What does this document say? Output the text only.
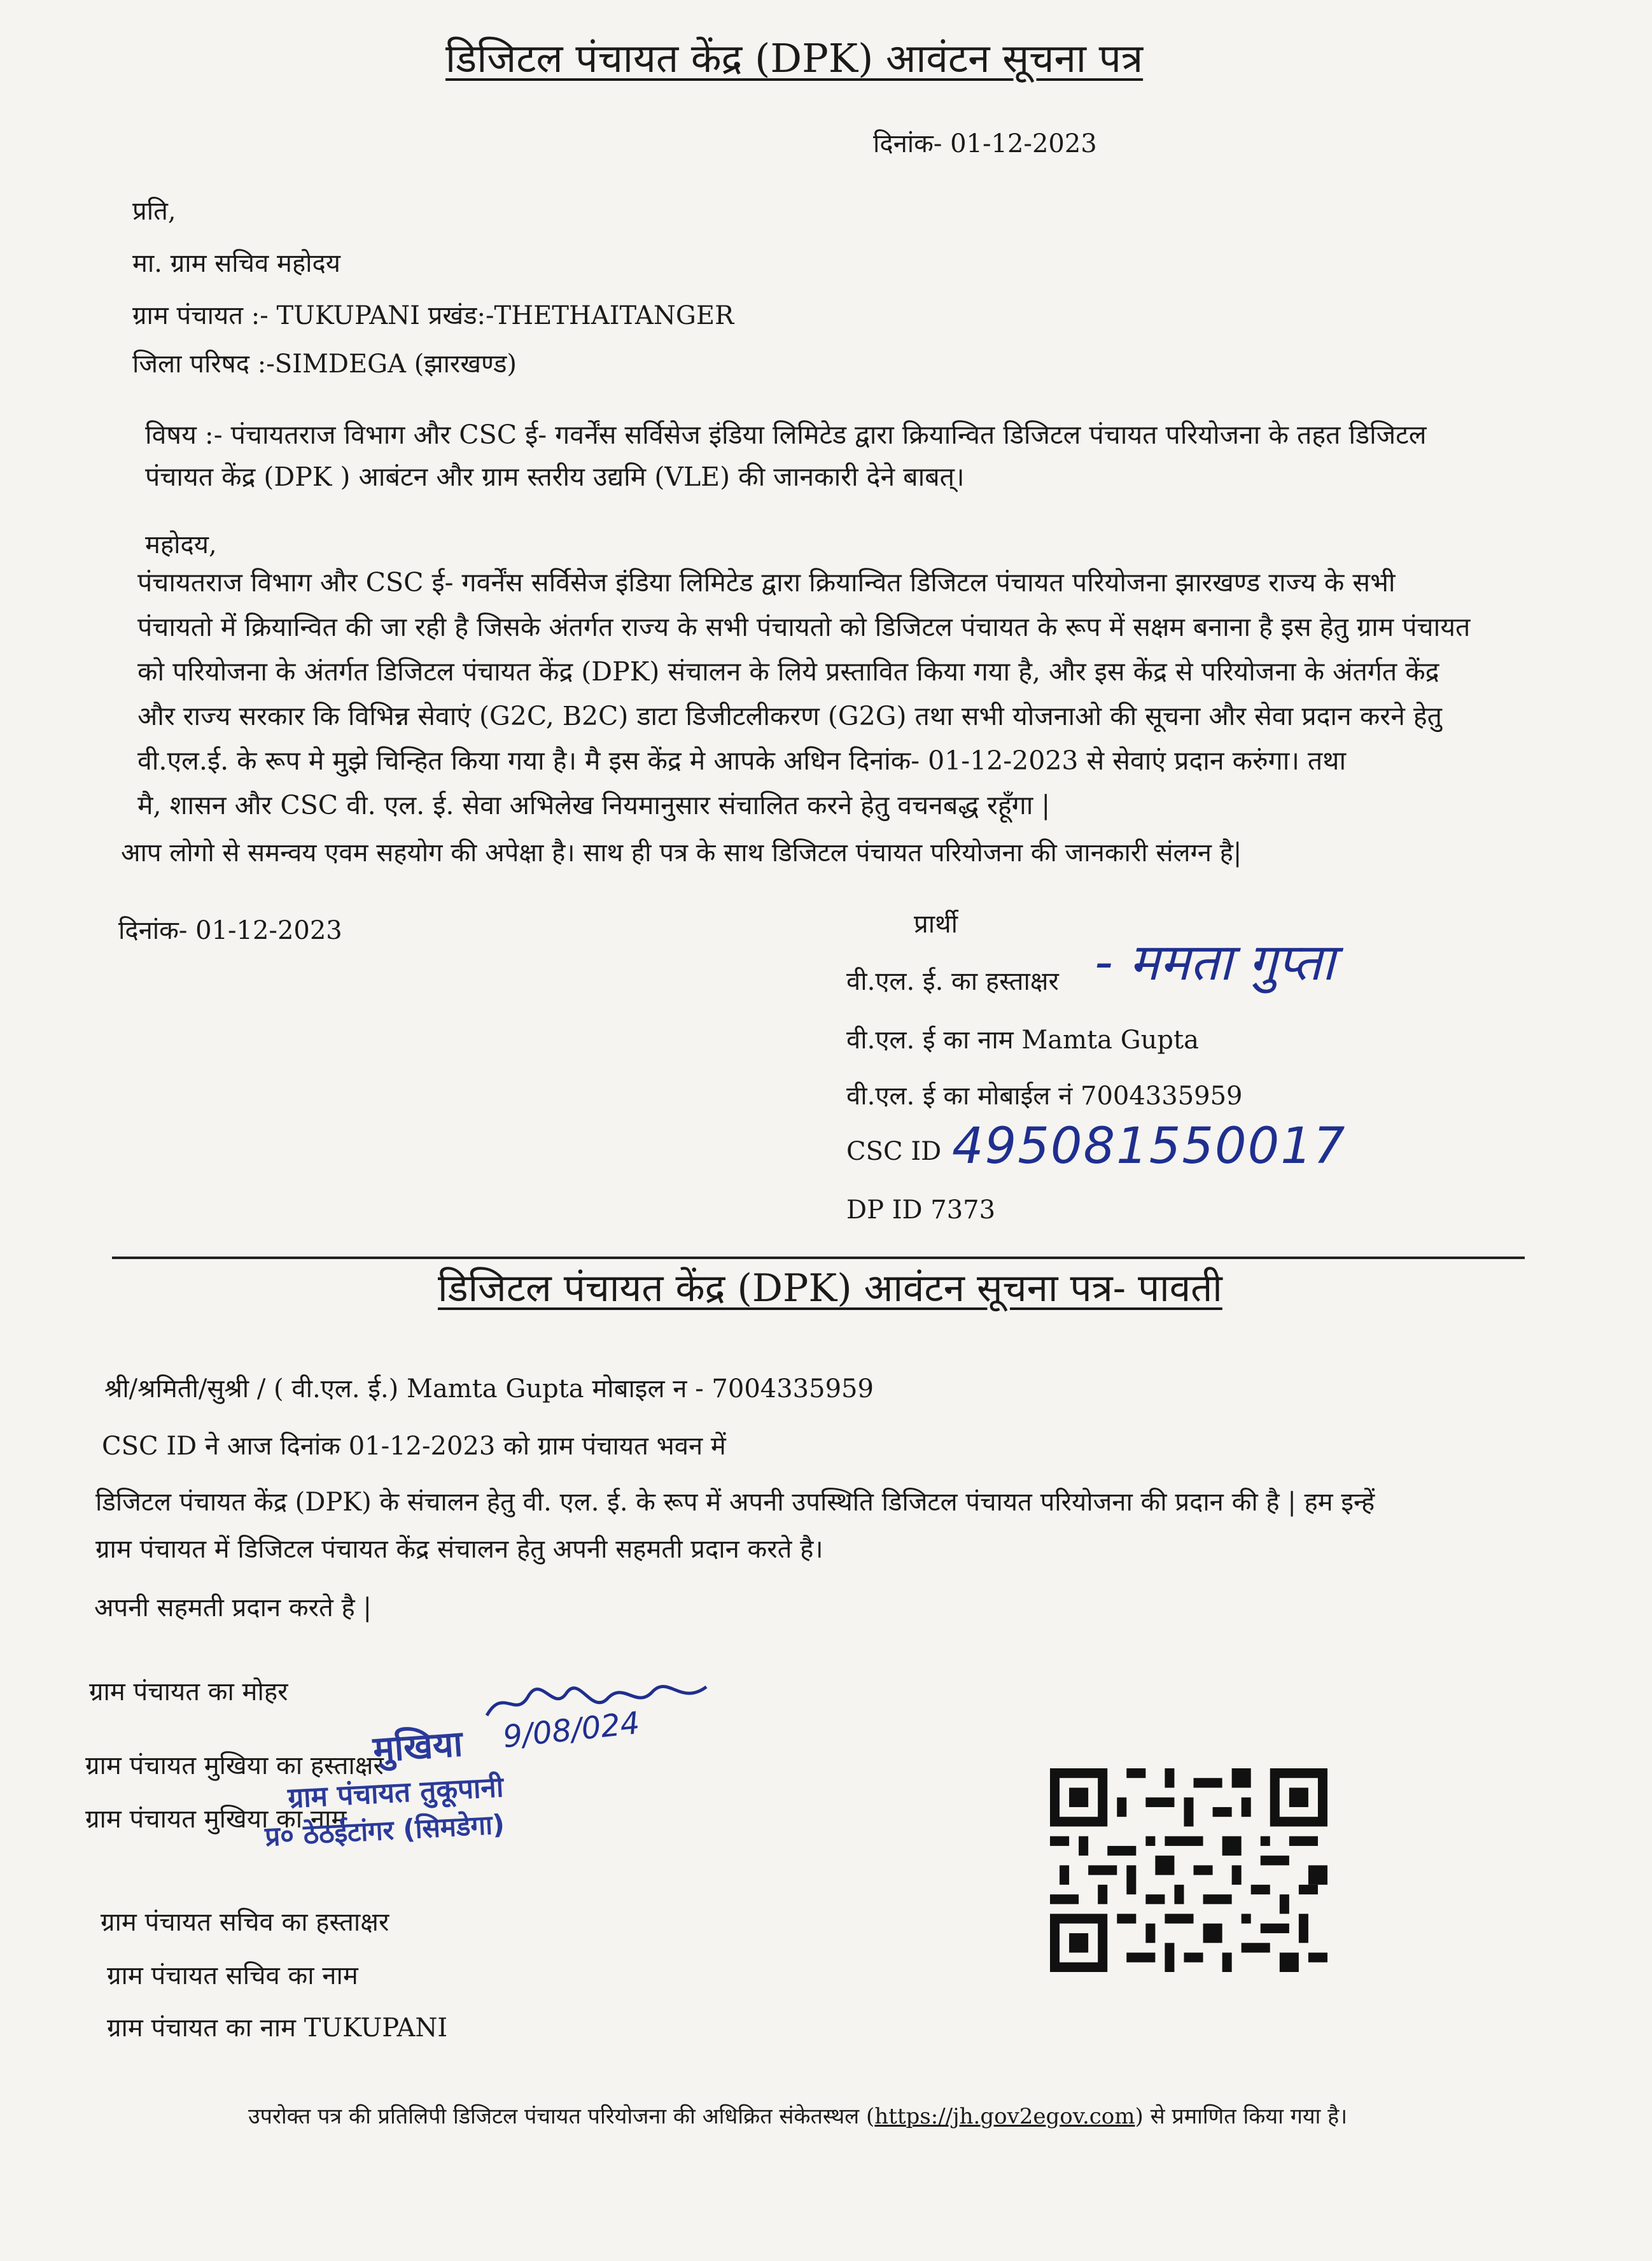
डिजिटल पंचायत केंद्र (DPK) आवंटन सूचना पत्र
दिनांक- 01-12-2023
प्रति,
मा. ग्राम सचिव महोदय
ग्राम पंचायत :- TUKUPANI प्रखंड:-THETHAITANGER
जिला परिषद :-SIMDEGA (झारखण्ड)
विषय :- पंचायतराज विभाग और CSC ई- गवर्नेंस सर्विसेज इंडिया लिमिटेड द्वारा क्रियान्वित डिजिटल पंचायत परियोजना के तहत डिजिटल
पंचायत केंद्र (DPK ) आबंटन और ग्राम स्तरीय उद्यमि (VLE) की जानकारी देने बाबत्।
महोदय,
पंचायतराज विभाग और CSC ई- गवर्नेंस सर्विसेज इंडिया लिमिटेड द्वारा क्रियान्वित डिजिटल पंचायत परियोजना झारखण्ड राज्य के सभी
पंचायतो में क्रियान्वित की जा रही है जिसके अंतर्गत राज्य के सभी पंचायतो को डिजिटल पंचायत के रूप में सक्षम बनाना है इस हेतु ग्राम पंचायत
को परियोजना के अंतर्गत डिजिटल पंचायत केंद्र (DPK) संचालन के लिये प्रस्तावित किया गया है, और इस केंद्र से परियोजना के अंतर्गत केंद्र
और राज्य सरकार कि विभिन्न सेवाएं (G2C, B2C) डाटा डिजीटलीकरण (G2G) तथा सभी योजनाओ की सूचना और सेवा प्रदान करने हेतु
वी.एल.ई. के रूप मे मुझे चिन्हित किया गया है। मै इस केंद्र मे आपके अधिन दिनांक- 01-12-2023 से सेवाएं प्रदान करुंगा। तथा
मै, शासन और CSC वी. एल. ई. सेवा अभिलेख नियमानुसार संचालित करने हेतु वचनबद्ध रहूँगा |
आप लोगो से समन्वय एवम सहयोग की अपेक्षा है। साथ ही पत्र के साथ डिजिटल पंचायत परियोजना की जानकारी संलग्न है|
दिनांक- 01-12-2023	प्रार्थी
वी.एल. ई. का हस्ताक्षर - ममता गुप्ता
वी.एल. ई का नाम Mamta Gupta
वी.एल. ई का मोबाईल नं 7004335959
CSC ID 495081550017
DP ID 7373
डिजिटल पंचायत केंद्र (DPK) आवंटन सूचना पत्र- पावती
श्री/श्रमिती/सुश्री / ( वी.एल. ई.) Mamta Gupta मोबाइल न - 7004335959
CSC ID ने आज दिनांक 01-12-2023 को ग्राम पंचायत भवन में
डिजिटल पंचायत केंद्र (DPK) के संचालन हेतु वी. एल. ई. के रूप में अपनी उपस्थिति डिजिटल पंचायत परियोजना की प्रदान की है | हम इन्हें
ग्राम पंचायत में डिजिटल पंचायत केंद्र संचालन हेतु अपनी सहमती प्रदान करते है।
अपनी सहमती प्रदान करते है |
ग्राम पंचायत का मोहर
ग्राम पंचायत मुखिया का हस्ताक्षर
ग्राम पंचायत मुखिया का नाम
मुखिया 9/08/024
ग्राम पंचायत तुकूपानी
प्र० ठेठईटांगर (सिमडेगा)
ग्राम पंचायत सचिव का हस्ताक्षर
ग्राम पंचायत सचिव का नाम
ग्राम पंचायत का नाम TUKUPANI
उपरोक्त पत्र की प्रतिलिपी डिजिटल पंचायत परियोजना की अधिक्रित संकेतस्थल (https://jh.gov2egov.com) से प्रमाणित किया गया है।
